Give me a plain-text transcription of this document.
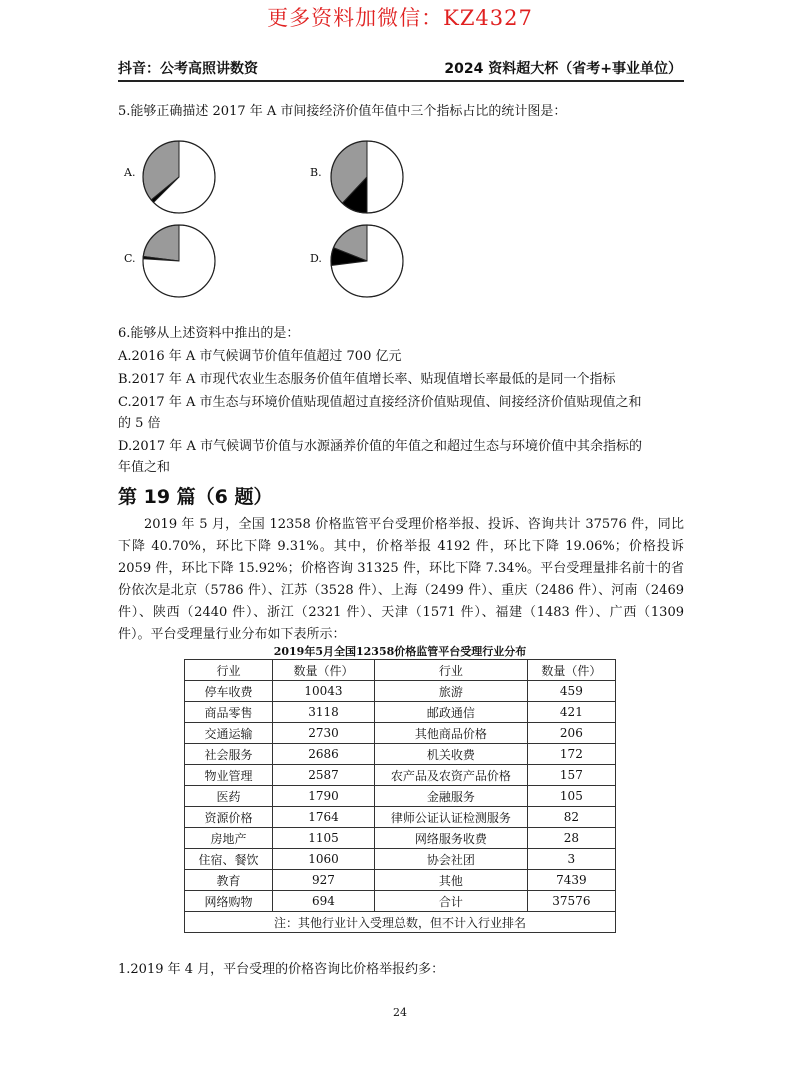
更多资料加微信：KZ4327
抖音：公考高照讲数资	2024 资料超大杯（省考+事业单位）
5.能够正确描述 2017 年 A 市间接经济价值年值中三个指标占比的统计图是：
A.	B.
C.	D.
6.能够从上述资料中推出的是：
A.2016 年 A 市气候调节价值年值超过 700 亿元
B.2017 年 A 市现代农业生态服务价值年值增长率、贴现值增长率最低的是同一个指标
C.2017 年 A 市生态与环境价值贴现值超过直接经济价值贴现值、间接经济价值贴现值之和
的 5 倍
D.2017 年 A 市气候调节价值与水源涵养价值的年值之和超过生态与环境价值中其余指标的
年值之和
第 19 篇（6 题）
2019 年 5 月，全国 12358 价格监管平台受理价格举报、投诉、咨询共计 37576 件，同比下降 40.70%，环比下降 9.31%。其中，价格举报 4192 件，环比下降 19.06%；价格投诉 2059 件，环比下降 15.92%；价格咨询 31325 件，环比下降 7.34%。平台受理量排名前十的省份依次是北京（5786 件）、江苏（3528 件）、上海（2499 件）、重庆（2486 件）、河南（2469 件）、陕西（2440 件）、浙江（2321 件）、天津（1571 件）、福建（1483 件）、广西（1309 件）。平台受理量行业分布如下表所示：
2019年5月全国12358价格监管平台受理行业分布
行业	数量（件）	行业	数量（件）
停车收费	10043	旅游	459
商品零售	3118	邮政通信	421
交通运输	2730	其他商品价格	206
社会服务	2686	机关收费	172
物业管理	2587	农产品及农资产品价格	157
医药	1790	金融服务	105
资源价格	1764	律师公证认证检测服务	82
房地产	1105	网络服务收费	28
住宿、餐饮	1060	协会社团	3
教育	927	其他	7439
网络购物	694	合计	37576
注：其他行业计入受理总数，但不计入行业排名			
1.2019 年 4 月，平台受理的价格咨询比价格举报约多：
24
